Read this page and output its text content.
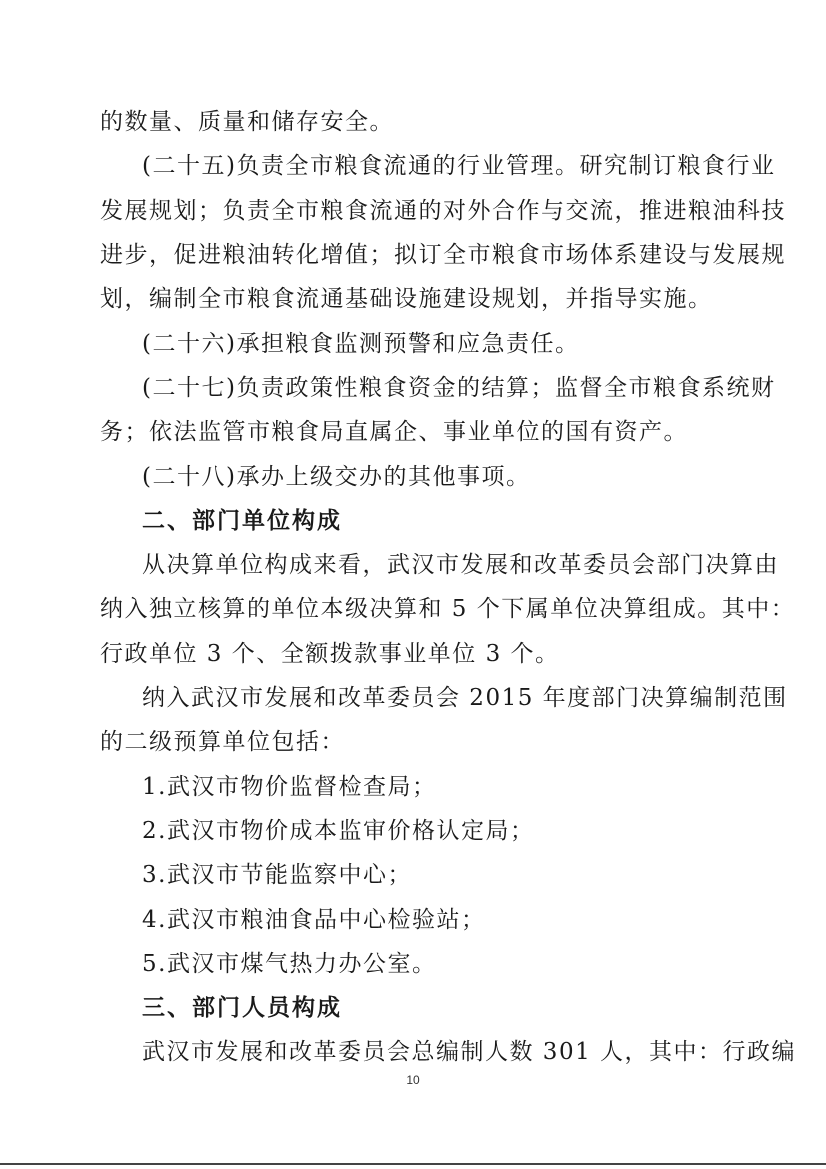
的数量、质量和储存安全。
(二十五)负责全市粮食流通的行业管理。研究制订粮食行业
发展规划；负责全市粮食流通的对外合作与交流，推进粮油科技
进步，促进粮油转化增值；拟订全市粮食市场体系建设与发展规
划，编制全市粮食流通基础设施建设规划，并指导实施。
(二十六)承担粮食监测预警和应急责任。
(二十七)负责政策性粮食资金的结算；监督全市粮食系统财
务；依法监管市粮食局直属企、事业单位的国有资产。
(二十八)承办上级交办的其他事项。
二、部门单位构成
从决算单位构成来看，武汉市发展和改革委员会部门决算由
纳入独立核算的单位本级决算和 5 个下属单位决算组成。其中：
行政单位 3 个、全额拨款事业单位 3 个。
纳入武汉市发展和改革委员会 2015 年度部门决算编制范围
的二级预算单位包括：
1.武汉市物价监督检查局；
2.武汉市物价成本监审价格认定局；
3.武汉市节能监察中心；
4.武汉市粮油食品中心检验站；
5.武汉市煤气热力办公室。
三、部门人员构成
武汉市发展和改革委员会总编制人数 301 人，其中：行政编
10
